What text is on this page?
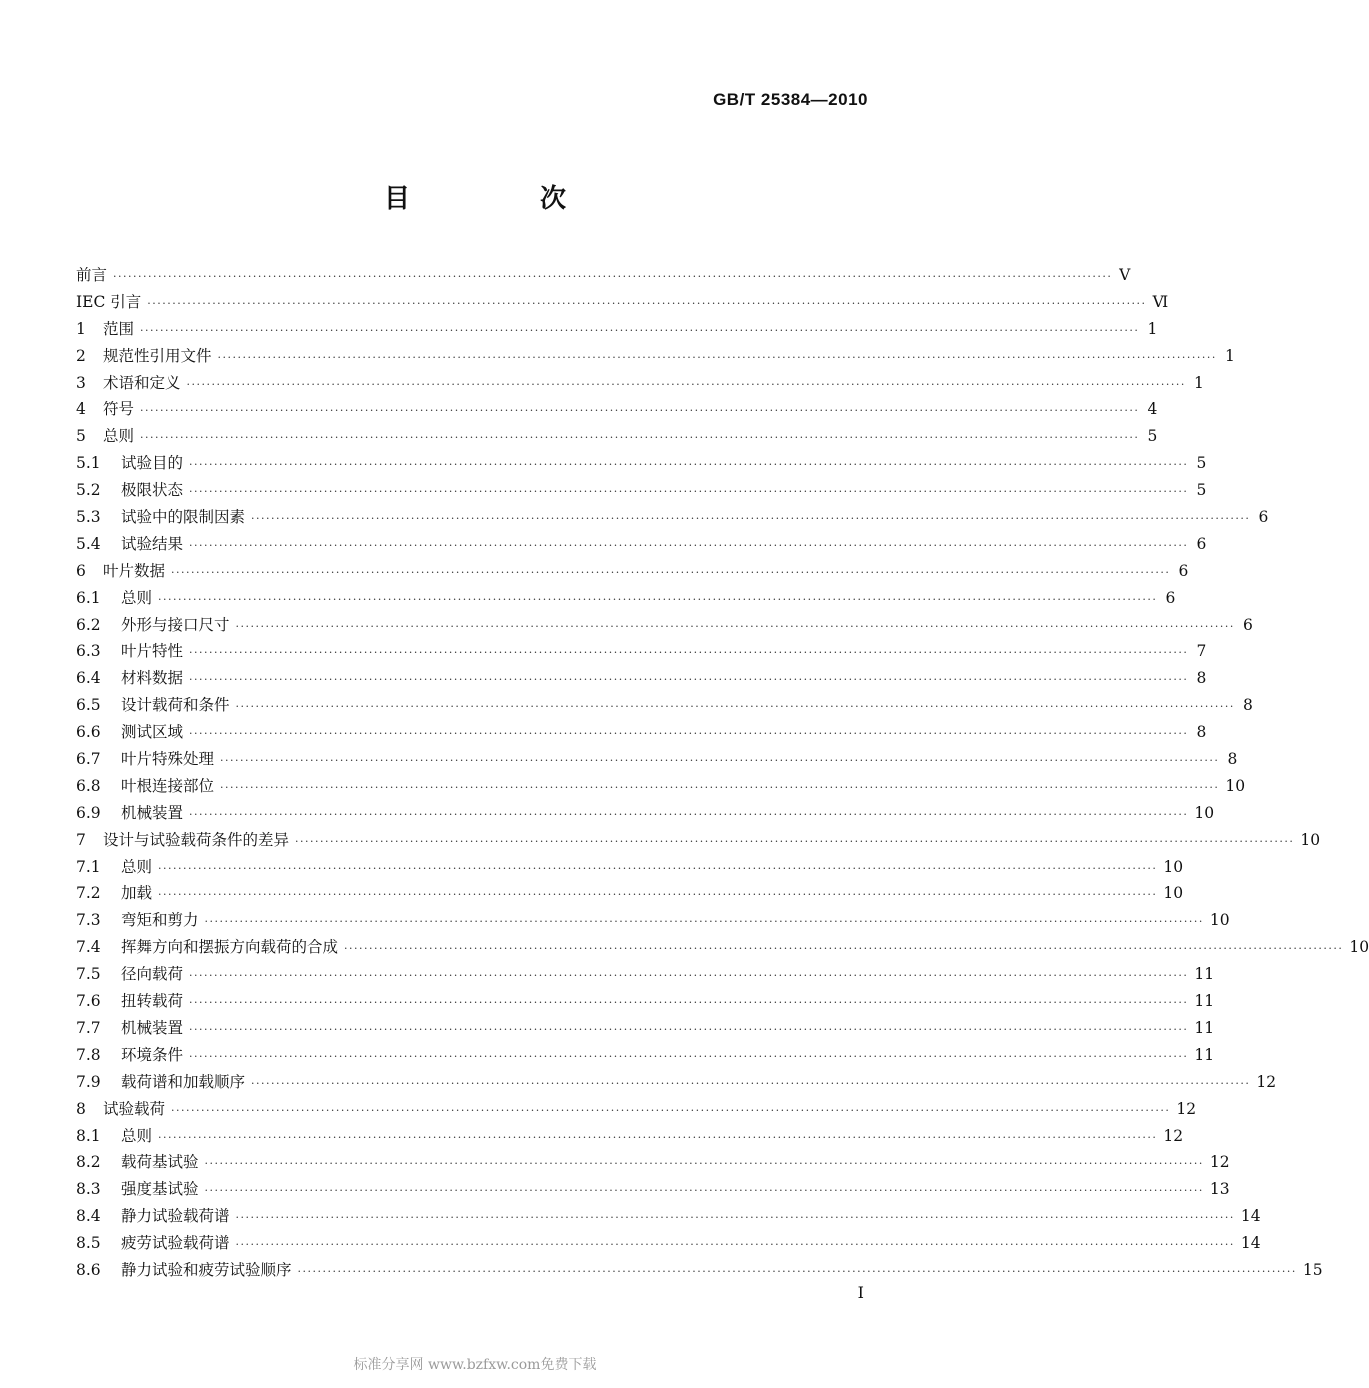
GB/T 25384—2010
目　次
前言 ········································································································································································································ V
IEC 引言 ········································································································································································································ Ⅵ
1	范围 ········································································································································································································ 1
2	规范性引用文件 ········································································································································································································ 1
3	术语和定义 ········································································································································································································ 1
4	符号 ········································································································································································································ 4
5	总则 ········································································································································································································ 5
5.1	试验目的 ········································································································································································································ 5
5.2	极限状态 ········································································································································································································ 5
5.3	试验中的限制因素 ········································································································································································································ 6
5.4	试验结果 ········································································································································································································ 6
6	叶片数据 ········································································································································································································ 6
6.1	总则 ········································································································································································································ 6
6.2	外形与接口尺寸 ········································································································································································································ 6
6.3	叶片特性 ········································································································································································································ 7
6.4	材料数据 ········································································································································································································ 8
6.5	设计载荷和条件 ········································································································································································································ 8
6.6	测试区域 ········································································································································································································ 8
6.7	叶片特殊处理 ········································································································································································································ 8
6.8	叶根连接部位 ········································································································································································································ 10
6.9	机械装置 ········································································································································································································ 10
7	设计与试验载荷条件的差异 ········································································································································································································ 10
7.1	总则 ········································································································································································································ 10
7.2	加载 ········································································································································································································ 10
7.3	弯矩和剪力 ········································································································································································································ 10
7.4	挥舞方向和摆振方向载荷的合成 ········································································································································································································ 10
7.5	径向载荷 ········································································································································································································ 11
7.6	扭转载荷 ········································································································································································································ 11
7.7	机械装置 ········································································································································································································ 11
7.8	环境条件 ········································································································································································································ 11
7.9	载荷谱和加载顺序 ········································································································································································································ 12
8	试验载荷 ········································································································································································································ 12
8.1	总则 ········································································································································································································ 12
8.2	载荷基试验 ········································································································································································································ 12
8.3	强度基试验 ········································································································································································································ 13
8.4	静力试验载荷谱 ········································································································································································································ 14
8.5	疲劳试验载荷谱 ········································································································································································································ 14
8.6	静力试验和疲劳试验顺序 ········································································································································································································ 15
I
标准分享网 www.bzfxw.com免费下载
